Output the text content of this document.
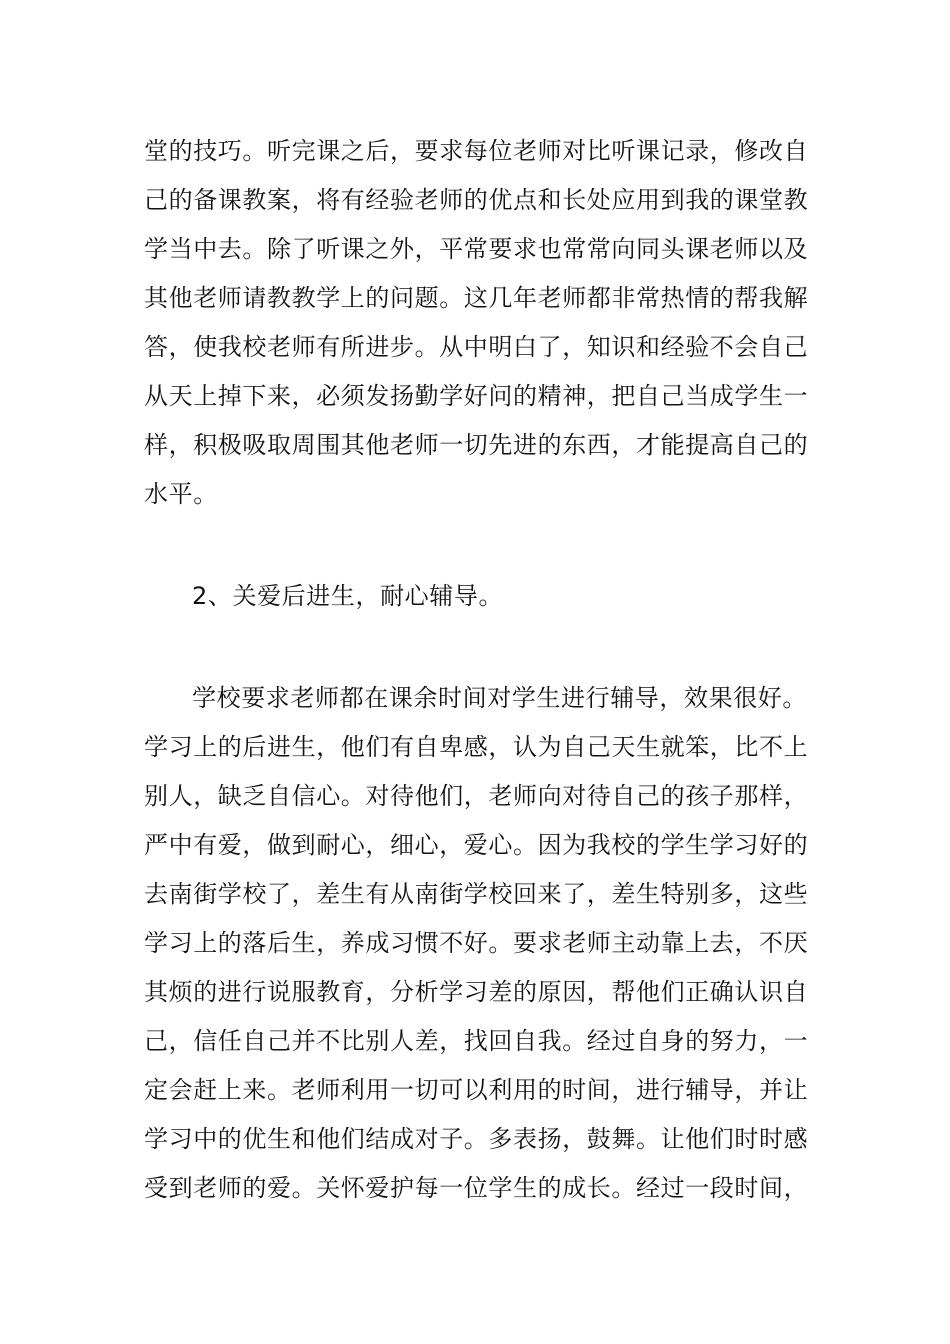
堂的技巧。听完课之后，要求每位老师对比听课记录，修改自
己的备课教案，将有经验老师的优点和长处应用到我的课堂教
学当中去。除了听课之外，平常要求也常常向同头课老师以及
其他老师请教教学上的问题。这几年老师都非常热情的帮我解
答，使我校老师有所进步。从中明白了，知识和经验不会自己
从天上掉下来，必须发扬勤学好问的精神，把自己当成学生一
样，积极吸取周围其他老师一切先进的东西，才能提高自己的
水平。
2、关爱后进生，耐心辅导。
学校要求老师都在课余时间对学生进行辅导，效果很好。
学习上的后进生，他们有自卑感，认为自己天生就笨，比不上
别人，缺乏自信心。对待他们，老师向对待自己的孩子那样，
严中有爱，做到耐心，细心，爱心。因为我校的学生学习好的
去南街学校了，差生有从南街学校回来了，差生特别多，这些
学习上的落后生，养成习惯不好。要求老师主动靠上去，不厌
其烦的进行说服教育，分析学习差的原因，帮他们正确认识自
己，信任自己并不比别人差，找回自我。经过自身的努力，一
定会赶上来。老师利用一切可以利用的时间，进行辅导，并让
学习中的优生和他们结成对子。多表扬，鼓舞。让他们时时感
受到老师的爱。关怀爱护每一位学生的成长。经过一段时间，
